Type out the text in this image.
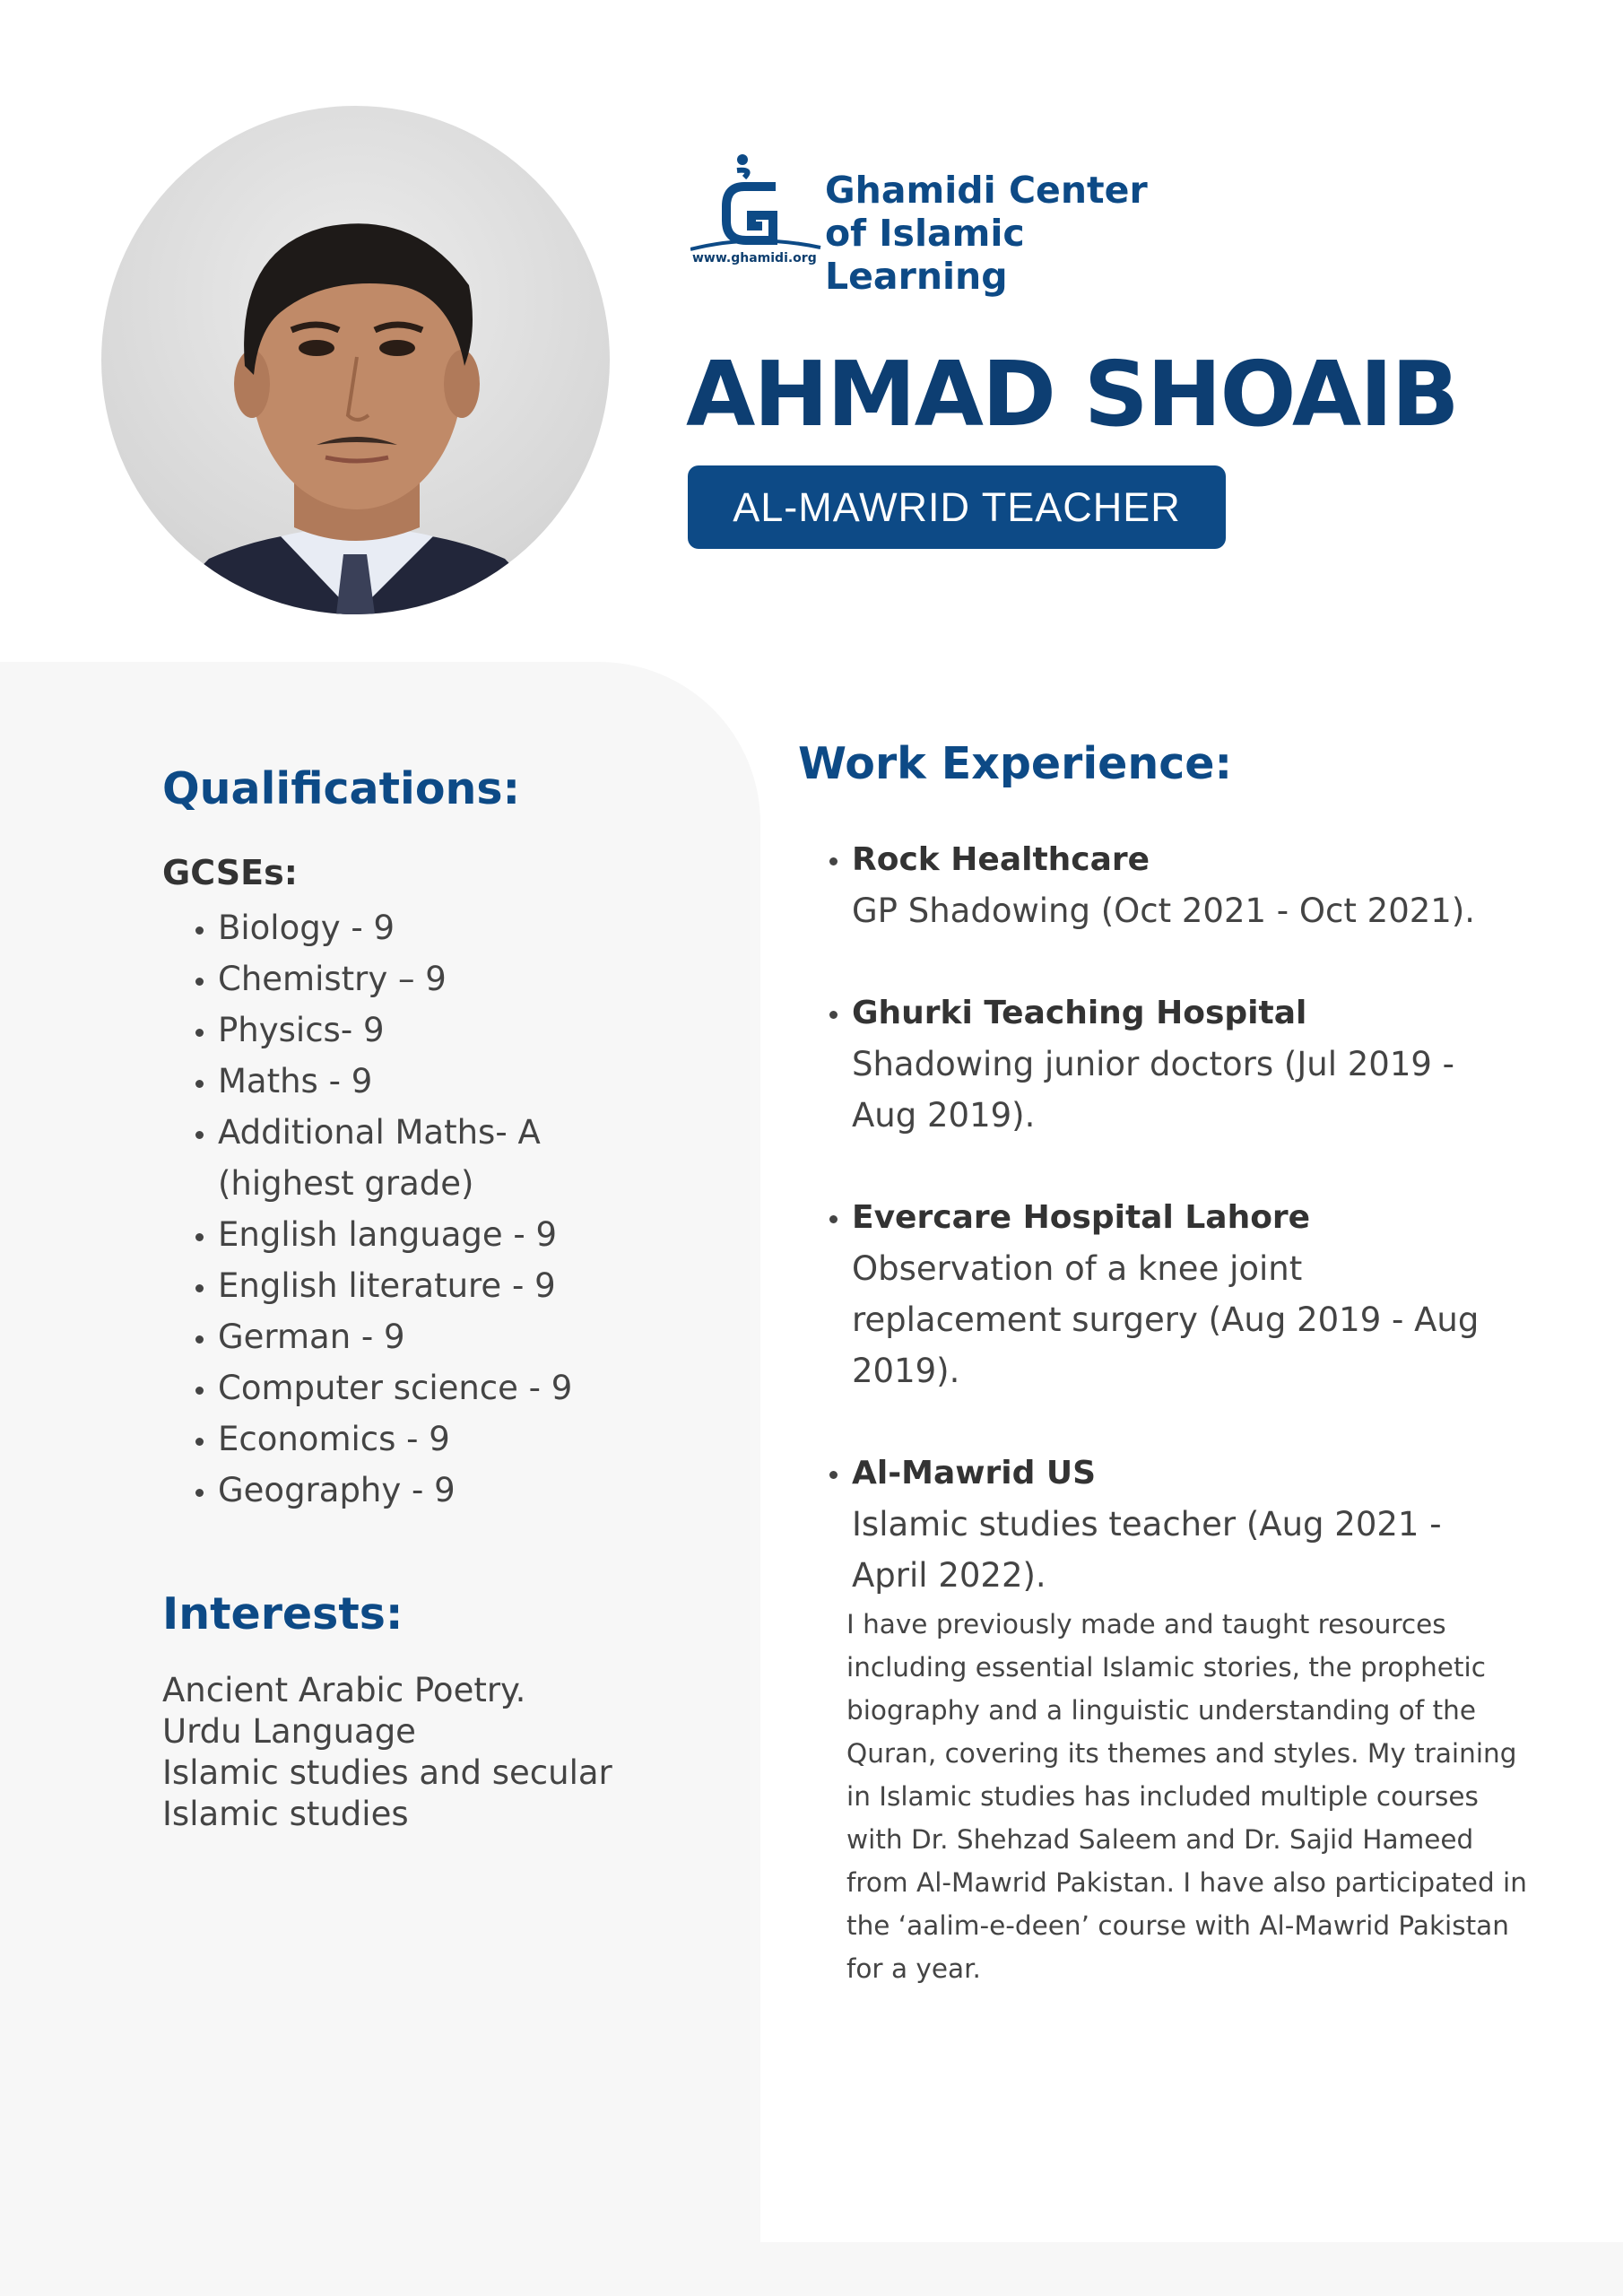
Ghamidi Center
of Islamic Learning
www.ghamidi.org
AHMAD SHOAIB
AL-MAWRID TEACHER
Qualifications:
GCSEs:
• Biology - 9
• Chemistry – 9
• Physics- 9
• Maths - 9
• Additional Maths- A (highest grade)
• English language - 9
• English literature - 9
• German - 9
• Computer science - 9
• Economics - 9
• Geography - 9
Interests:
Ancient Arabic Poetry.
Urdu Language
Islamic studies and secular
Islamic studies
Work Experience:
• Rock Healthcare
GP Shadowing (Oct 2021 - Oct 2021).
• Ghurki Teaching Hospital
Shadowing junior doctors (Jul 2019 - Aug 2019).
• Evercare Hospital Lahore
Observation of a knee joint replacement surgery (Aug 2019 - Aug 2019).
• Al-Mawrid US
Islamic studies teacher (Aug 2021 - April 2022).
I have previously made and taught resources including essential Islamic stories, the prophetic biography and a linguistic understanding of the Quran, covering its themes and styles. My training in Islamic studies has included multiple courses with Dr. Shehzad Saleem and Dr. Sajid Hameed from Al-Mawrid Pakistan. I have also participated in the ‘aalim-e-deen’ course with Al-Mawrid Pakistan for a year.
